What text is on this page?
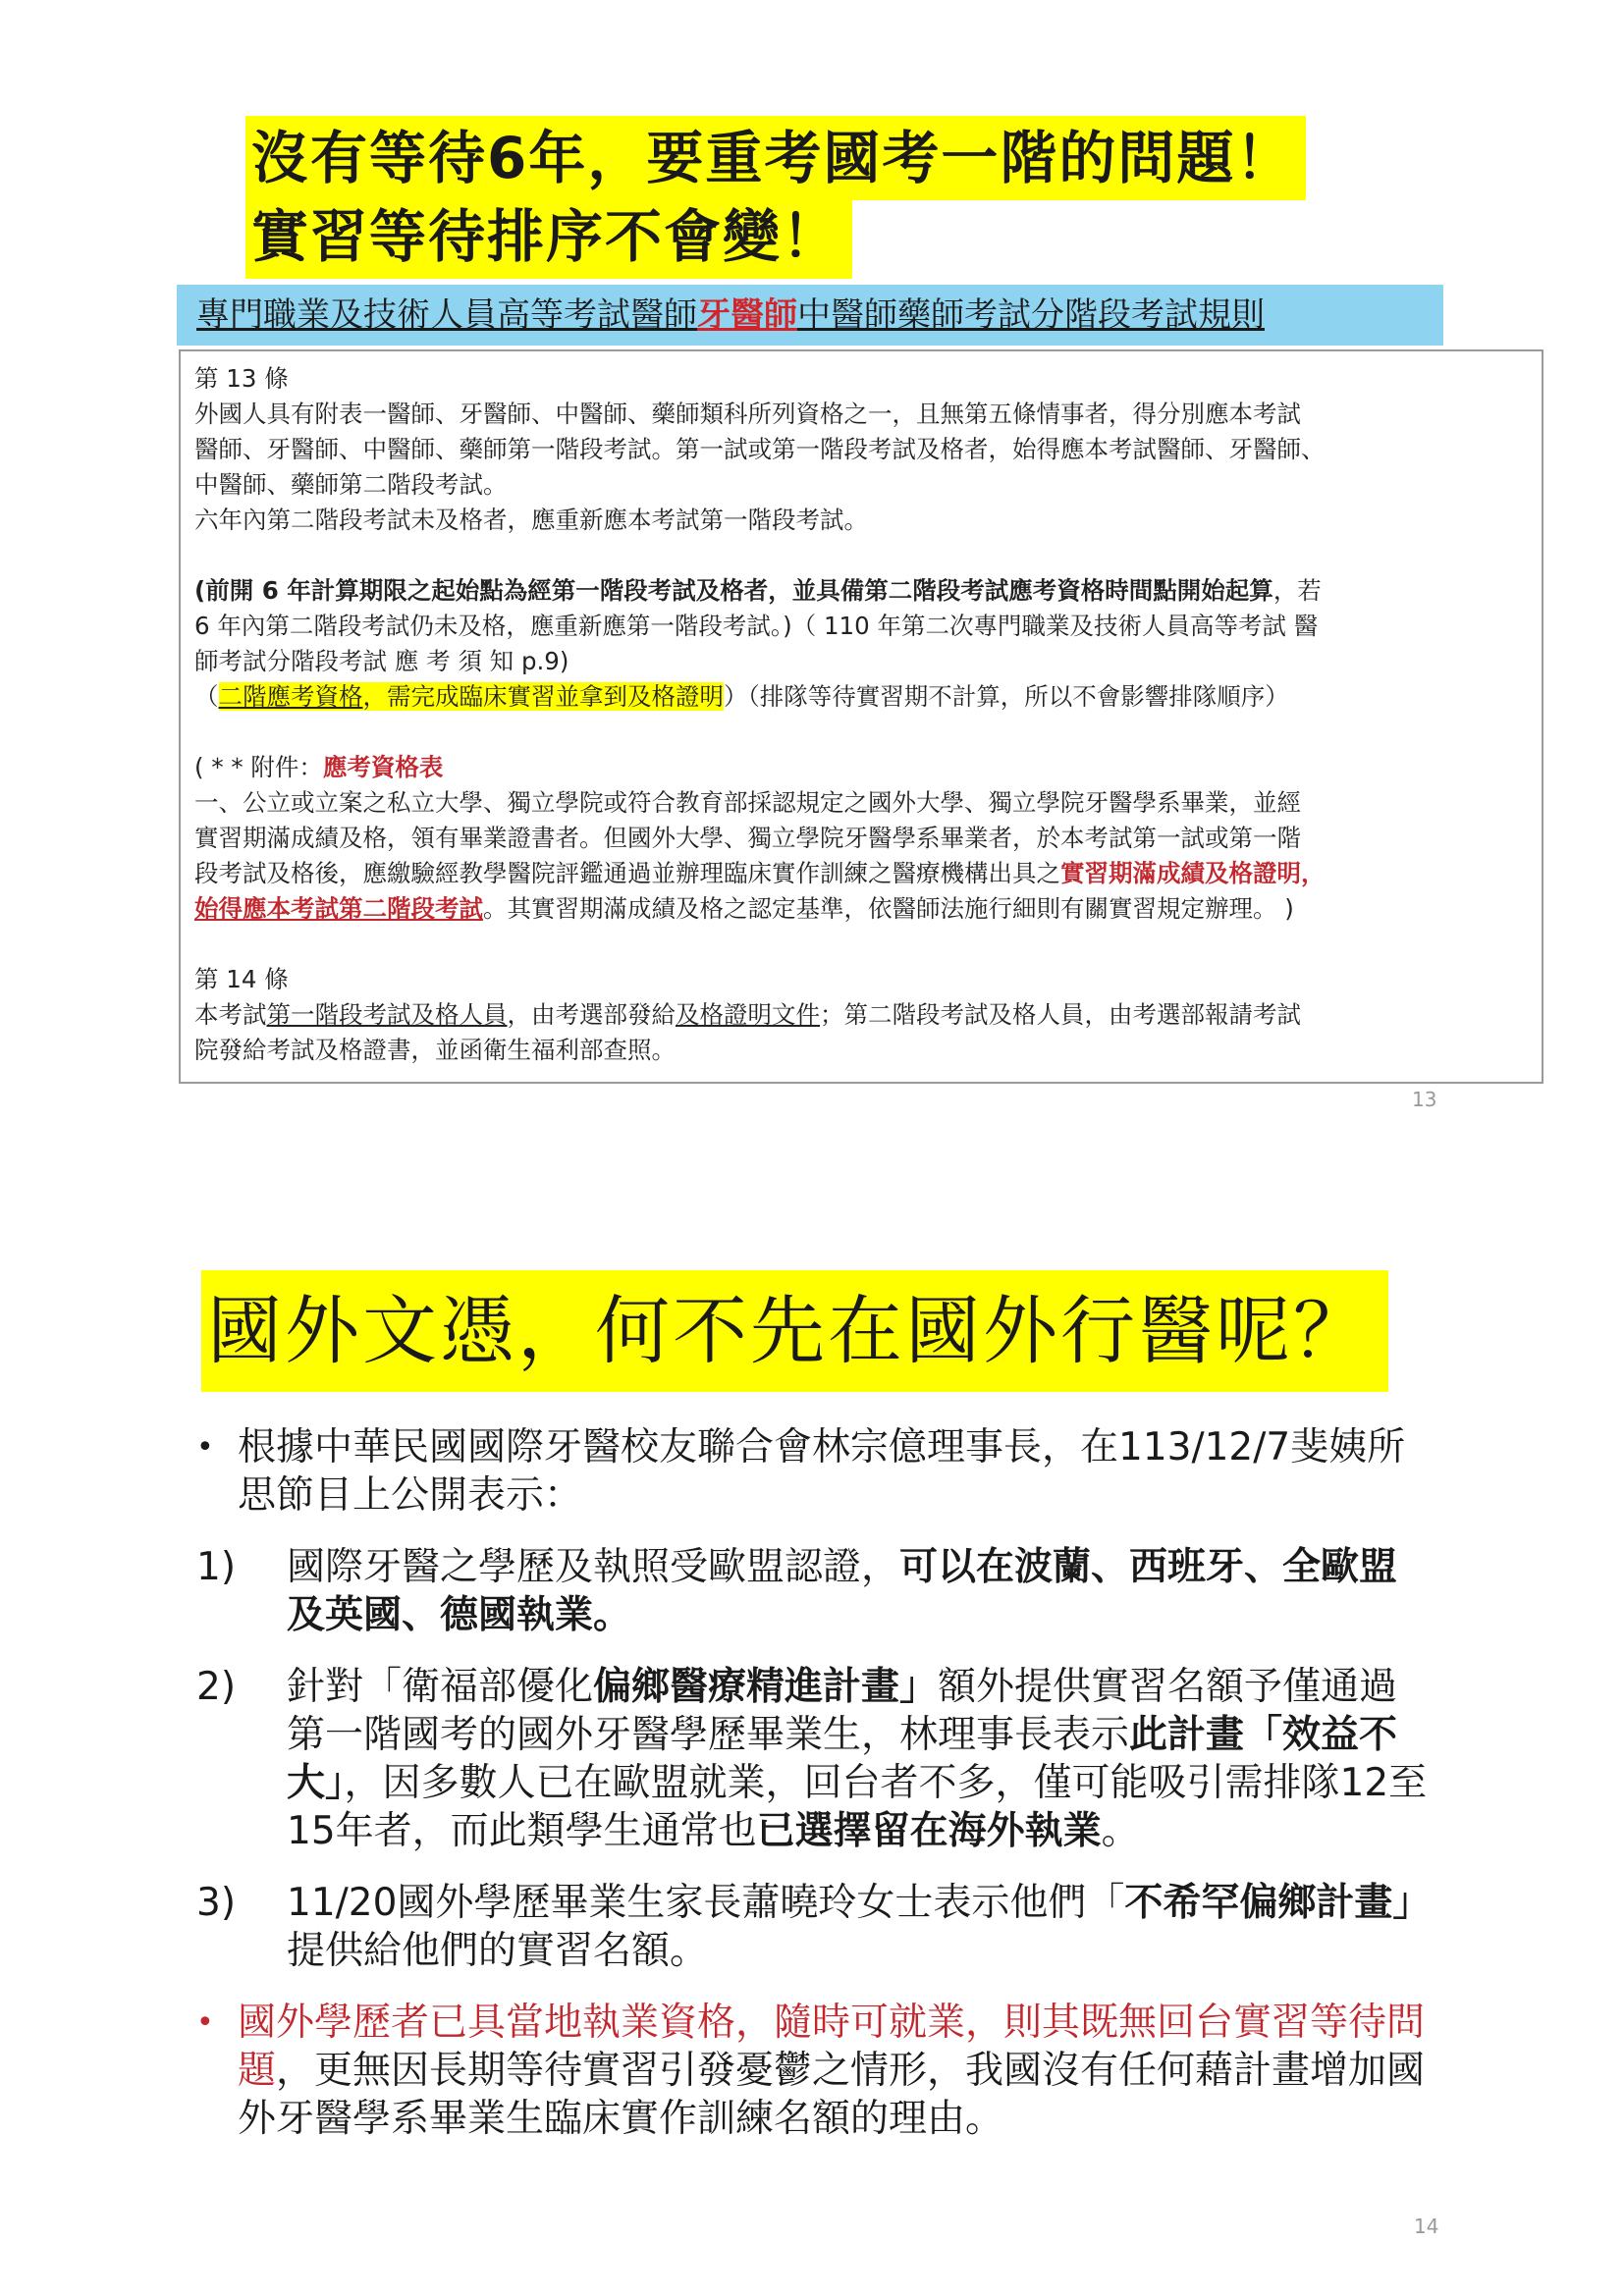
沒有等待6年，要重考國考一階的問題！
實習等待排序不會變！
專門職業及技術人員高等考試醫師牙醫師中醫師藥師考試分階段考試規則

第 13 條

外國人具有附表一醫師、牙醫師、中醫師、藥師類科所列資格之一，且無第五條情事者，得分別應本考試

醫師、牙醫師、中醫師、藥師第一階段考試。第一試或第一階段考試及格者，始得應本考試醫師、牙醫師、

中醫師、藥師第二階段考試。

六年內第二階段考試未及格者，應重新應本考試第一階段考試。

(前開 6 年計算期限之起始點為經第一階段考試及格者，並具備第二階段考試應考資格時間點開始起算，若

6 年內第二階段考試仍未及格，應重新應第一階段考試。)（ 110 年第二次專門職業及技術人員高等考試 醫

師考試分階段考試 應 考 須 知 p.9)

（二階應考資格，需完成臨床實習並拿到及格證明）（排隊等待實習期不計算，所以不會影響排隊順序）

( * * 附件：應考資格表

一、公立或立案之私立大學、獨立學院或符合教育部採認規定之國外大學、獨立學院牙醫學系畢業，並經

實習期滿成績及格，領有畢業證書者。但國外大學、獨立學院牙醫學系畢業者，於本考試第一試或第一階

段考試及格後，應繳驗經教學醫院評鑑通過並辦理臨床實作訓練之醫療機構出具之實習期滿成績及格證明，

始得應本考試第二階段考試。其實習期滿成績及格之認定基準，依醫師法施行細則有關實習規定辦理。 )

第 14 條

本考試第一階段考試及格人員，由考選部發給及格證明文件；第二階段考試及格人員，由考選部報請考試

院發給考試及格證書，並函衛生福利部查照。

13
國外文憑，何不先在國外行醫呢？
• 根據中華民國國際牙醫校友聯合會林宗億理事長，在113/12/7斐姨所思節目上公開表示：
1) 國際牙醫之學歷及執照受歐盟認證，可以在波蘭、西班牙、全歐盟及英國、德國執業。
2) 針對「衛福部優化偏鄉醫療精進計畫」額外提供實習名額予僅通過第一階國考的國外牙醫學歷畢業生，林理事長表示此計畫「效益不大」，因多數人已在歐盟就業，回台者不多，僅可能吸引需排隊12至15年者，而此類學生通常也已選擇留在海外執業。
3) 11/20國外學歷畢業生家長蕭曉玲女士表示他們「不希罕偏鄉計畫」提供給他們的實習名額。
• 國外學歷者已具當地執業資格，隨時可就業，則其既無回台實習等待問題，更無因長期等待實習引發憂鬱之情形，我國沒有任何藉計畫增加國外牙醫學系畢業生臨床實作訓練名額的理由。
14
